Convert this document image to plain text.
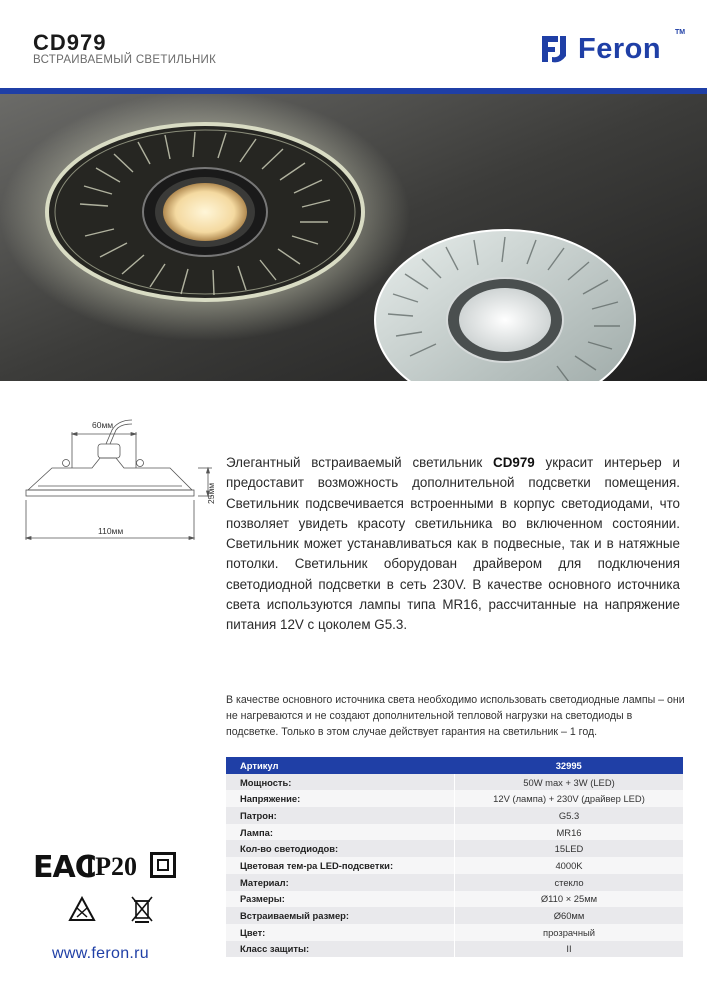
CD979
ВСТРАИВАЕМЫЙ СВЕТИЛЬНИК	Feron
TM
60мм
25мм
110мм
Элегантный встраиваемый светильник CD979 украсит интерьер и предоставит возможность дополнительной подсветки помещения. Светильник подсвечивается встроенными в корпус светодиодами, что позволяет увидеть красоту светильника во включенном состоянии. Светильник может устанавливаться как в подвесные, так и в натяжные потолки. Светильник оборудован драйвером для подключения светодиодной подсветки в сеть 230V. В качестве основного источника света используются лампы типа MR16, рассчитанные на напряжение питания 12V с цоколем G5.3.
В качестве основного источника света необходимо использовать светодиодные лампы – они не нагреваются и не создают дополнительной тепловой нагрузки на светодиоды в подсветке. Только в этом случае действует гарантия на светильник – 1 год.
Артикул	32995
Мощность:	50W max + 3W (LED)
Напряжение:	12V (лампа) + 230V (драйвер LED)
Патрон:	G5.3
Лампа:	MR16
Кол-во светодиодов:	15LED
Цветовая тем-ра LED-подсветки:	4000K
Материал:	стекло
Размеры:	Ø110 × 25мм
Встраиваемый размер:	Ø60мм
Цвет:	прозрачный
Класс защиты:	II
EAC
IP20
www.feron.ru
